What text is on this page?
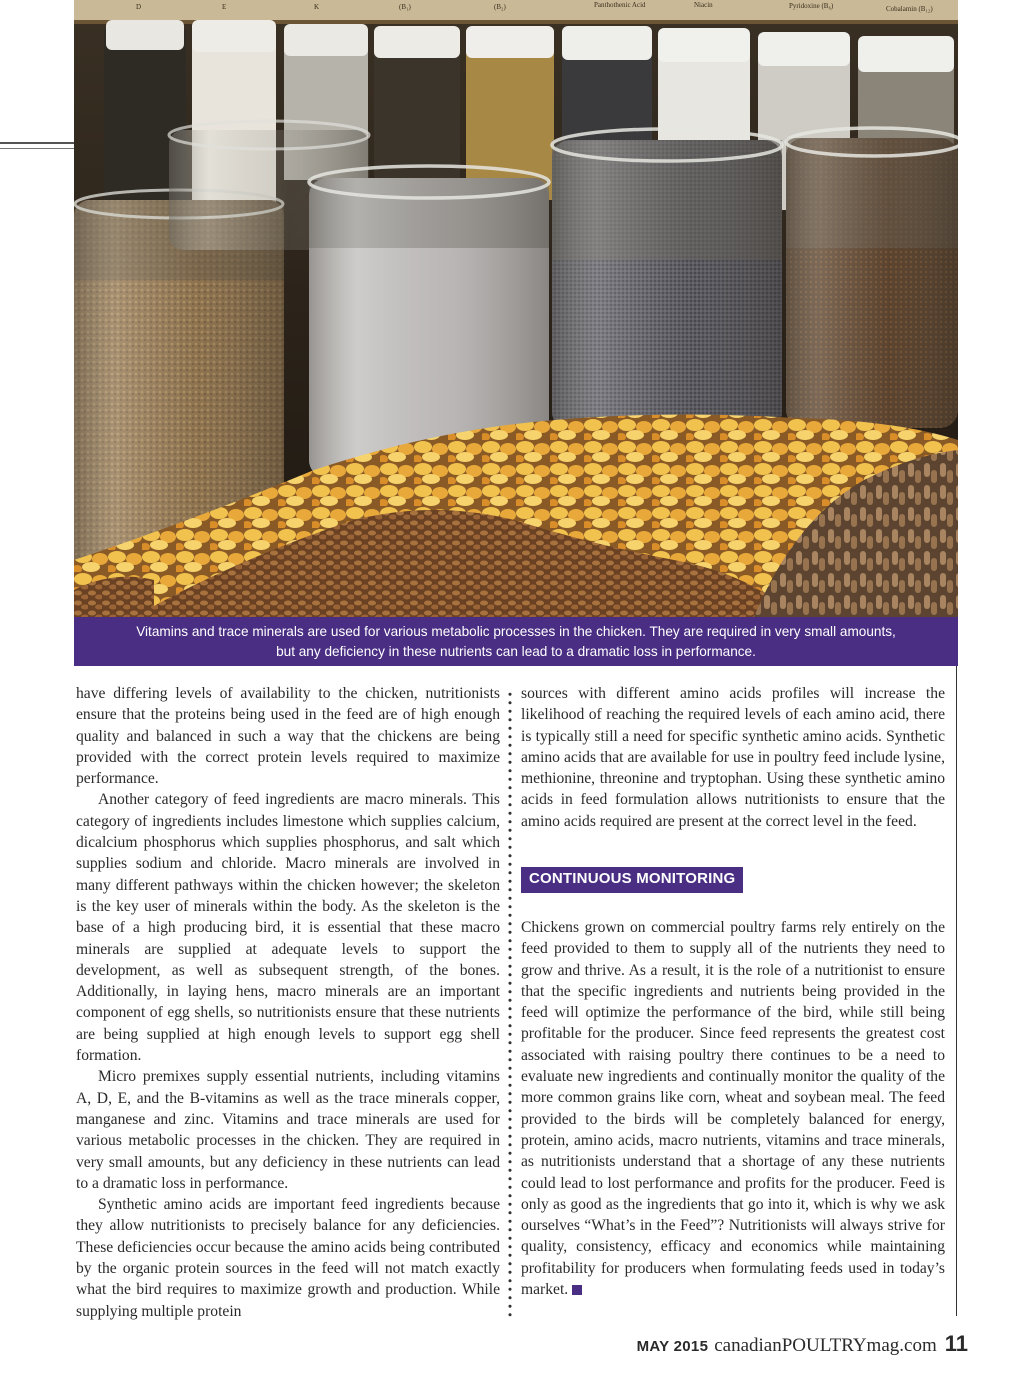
D	E	K	(B₁)	(B₂)	Panthothenic Acid	Niacin	Pyridoxine (B₆)	Cobalamin (B₁₂)
Vitamins and trace minerals are used for various metabolic processes in the chicken. They are required in very small amounts,
but any deficiency in these nutrients can lead to a dramatic loss in performance.

have differing levels of availability to the chicken, nutritionists ensure that the proteins being used in the feed are of high enough quality and balanced in such a way that the chickens are being provided with the correct protein levels required to maximize performance.

Another category of feed ingredients are macro minerals. This category of ingredients includes limestone which supplies calcium, dicalcium phosphorus which supplies phosphorus, and salt which supplies sodium and chloride. Macro minerals are involved in many different pathways within the chicken however; the skeleton is the key user of minerals within the body. As the skeleton is the base of a high producing bird, it is essential that these macro minerals are supplied at adequate levels to support the development, as well as subsequent strength, of the bones. Additionally, in laying hens, macro minerals are an important component of egg shells, so nutritionists ensure that these nutrients are being supplied at high enough levels to support egg shell formation.

Micro premixes supply essential nutrients, including vitamins A, D, E, and the B-vitamins as well as the trace minerals copper, manganese and zinc. Vitamins and trace minerals are used for various metabolic processes in the chicken. They are required in very small amounts, but any deficiency in these nutrients can lead to a dramatic loss in performance.

Synthetic amino acids are important feed ingredients because they allow nutritionists to precisely balance for any deficiencies. These deficiencies occur because the amino acids being contributed by the organic protein sources in the feed will not match exactly what the bird requires to maximize growth and production. While supplying multiple protein

sources with different amino acids profiles will increase the likelihood of reaching the required levels of each amino acid, there is typically still a need for specific synthetic amino acids. Synthetic amino acids that are available for use in poultry feed include lysine, methionine, threonine and tryptophan. Using these synthetic amino acids in feed formulation allows nutritionists to ensure that the amino acids required are present at the correct level in the feed.

CONTINUOUS MONITORING

Chickens grown on commercial poultry farms rely entirely on the feed provided to them to supply all of the nutrients they need to grow and thrive. As a result, it is the role of a nutritionist to ensure that the specific ingredients and nutrients being provided in the feed will optimize the performance of the bird, while still being profitable for the producer. Since feed represents the greatest cost associated with raising poultry there continues to be a need to evaluate new ingredients and continually monitor the quality of the more common grains like corn, wheat and soybean meal. The feed provided to the birds will be completely balanced for energy, protein, amino acids, macro nutrients, vitamins and trace minerals, as nutritionists understand that a shortage of any these nutrients could lead to lost performance and profits for the producer. Feed is only as good as the ingredients that go into it, which is why we ask ourselves “What’s in the Feed”? Nutritionists will always strive for quality, consistency, efficacy and economics while maintaining profitability for producers when formulating feeds used in today’s market.

MAY 2015 canadianPOULTRYmag.com 11
